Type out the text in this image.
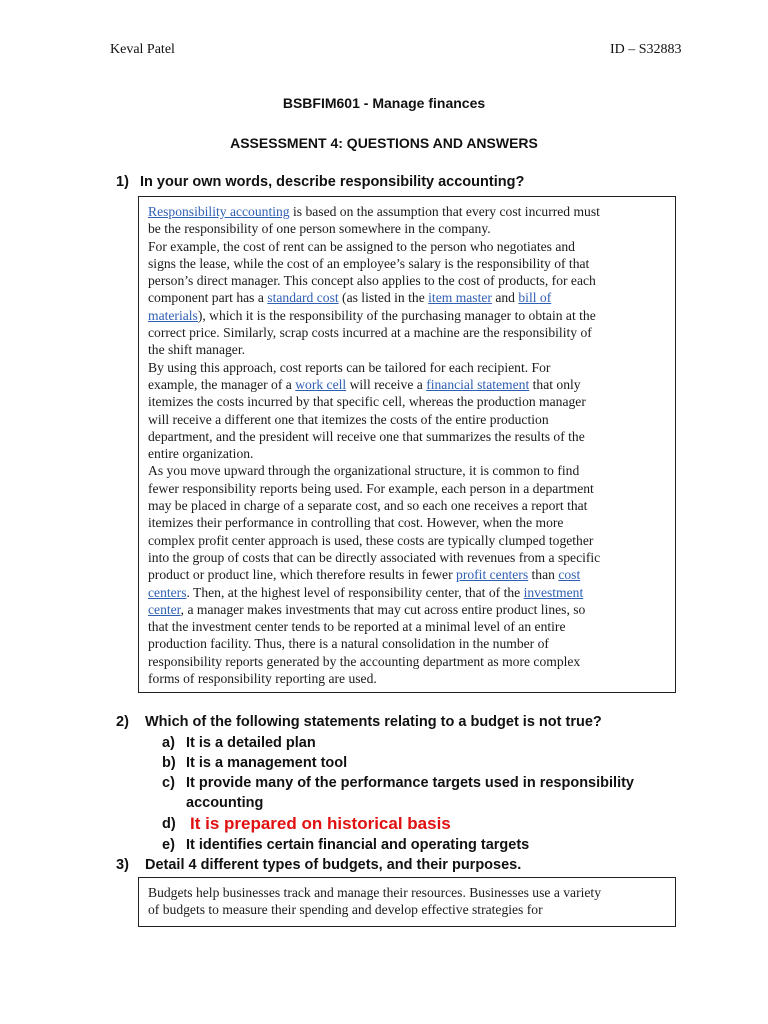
Keval Patel	ID – S32883
BSBFIM601 - Manage finances
ASSESSMENT 4: QUESTIONS AND ANSWERS
1) In your own words, describe responsibility accounting?
Responsibility accounting is based on the assumption that every cost incurred must
be the responsibility of one person somewhere in the company.
For example, the cost of rent can be assigned to the person who negotiates and
signs the lease, while the cost of an employee’s salary is the responsibility of that
person’s direct manager. This concept also applies to the cost of products, for each
component part has a standard cost (as listed in the item master and bill of
materials), which it is the responsibility of the purchasing manager to obtain at the
correct price. Similarly, scrap costs incurred at a machine are the responsibility of
the shift manager.
By using this approach, cost reports can be tailored for each recipient. For
example, the manager of a work cell will receive a financial statement that only
itemizes the costs incurred by that specific cell, whereas the production manager
will receive a different one that itemizes the costs of the entire production
department, and the president will receive one that summarizes the results of the
entire organization.
As you move upward through the organizational structure, it is common to find
fewer responsibility reports being used. For example, each person in a department
may be placed in charge of a separate cost, and so each one receives a report that
itemizes their performance in controlling that cost. However, when the more
complex profit center approach is used, these costs are typically clumped together
into the group of costs that can be directly associated with revenues from a specific
product or product line, which therefore results in fewer profit centers than cost
centers. Then, at the highest level of responsibility center, that of the investment
center, a manager makes investments that may cut across entire product lines, so
that the investment center tends to be reported at a minimal level of an entire
production facility. Thus, there is a natural consolidation in the number of
responsibility reports generated by the accounting department as more complex
forms of responsibility reporting are used.
2) Which of the following statements relating to a budget is not true?
a) It is a detailed plan
b) It is a management tool
c) It provide many of the performance targets used in responsibility
accounting
d) It is prepared on historical basis
e) It identifies certain financial and operating targets
3) Detail 4 different types of budgets, and their purposes.
Budgets help businesses track and manage their resources. Businesses use a variety
of budgets to measure their spending and develop effective strategies for
